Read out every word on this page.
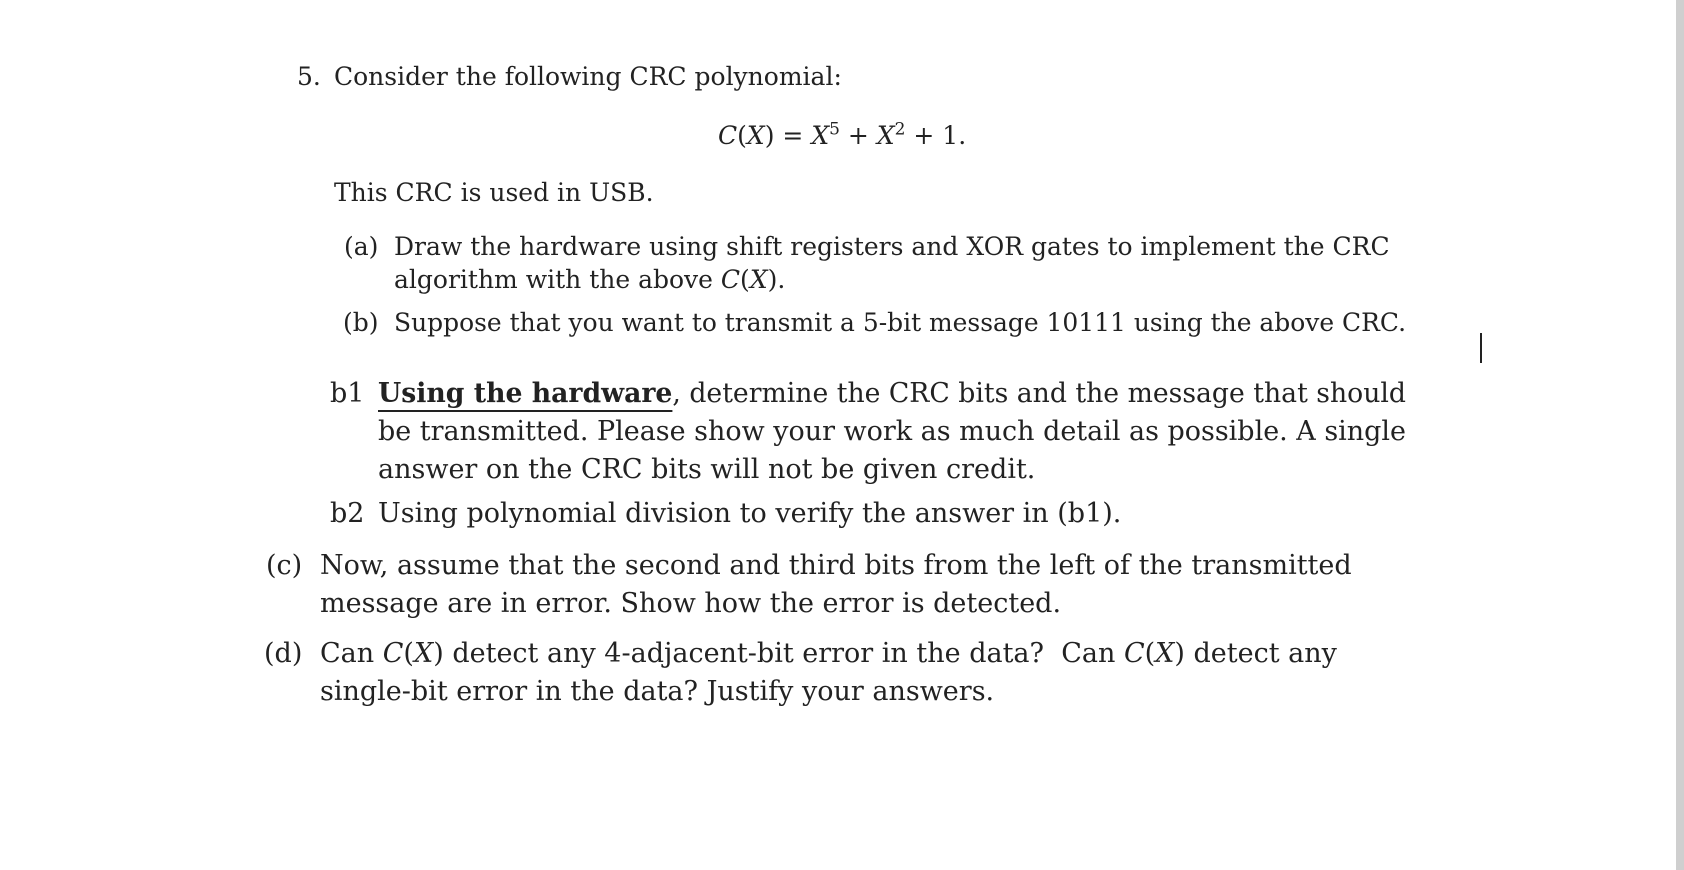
5. Consider the following CRC polynomial:
$C(X) = X^5 + X^2 + 1$.
This CRC is used in USB.
(a) Draw the hardware using shift registers and XOR gates to implement the CRC
algorithm with the above C(X).
(b) Suppose that you want to transmit a 5-bit message 10111 using the above CRC.
b1 Using the hardware, determine the CRC bits and the message that should
be transmitted. Please show your work as much detail as possible. A single
answer on the CRC bits will not be given credit.
b2 Using polynomial division to verify the answer in (b1).
(c) Now, assume that the second and third bits from the left of the transmitted
message are in error. Show how the error is detected.
(d) Can C(X) detect any 4-adjacent-bit error in the data? Can C(X) detect any
single-bit error in the data? Justify your answers.
